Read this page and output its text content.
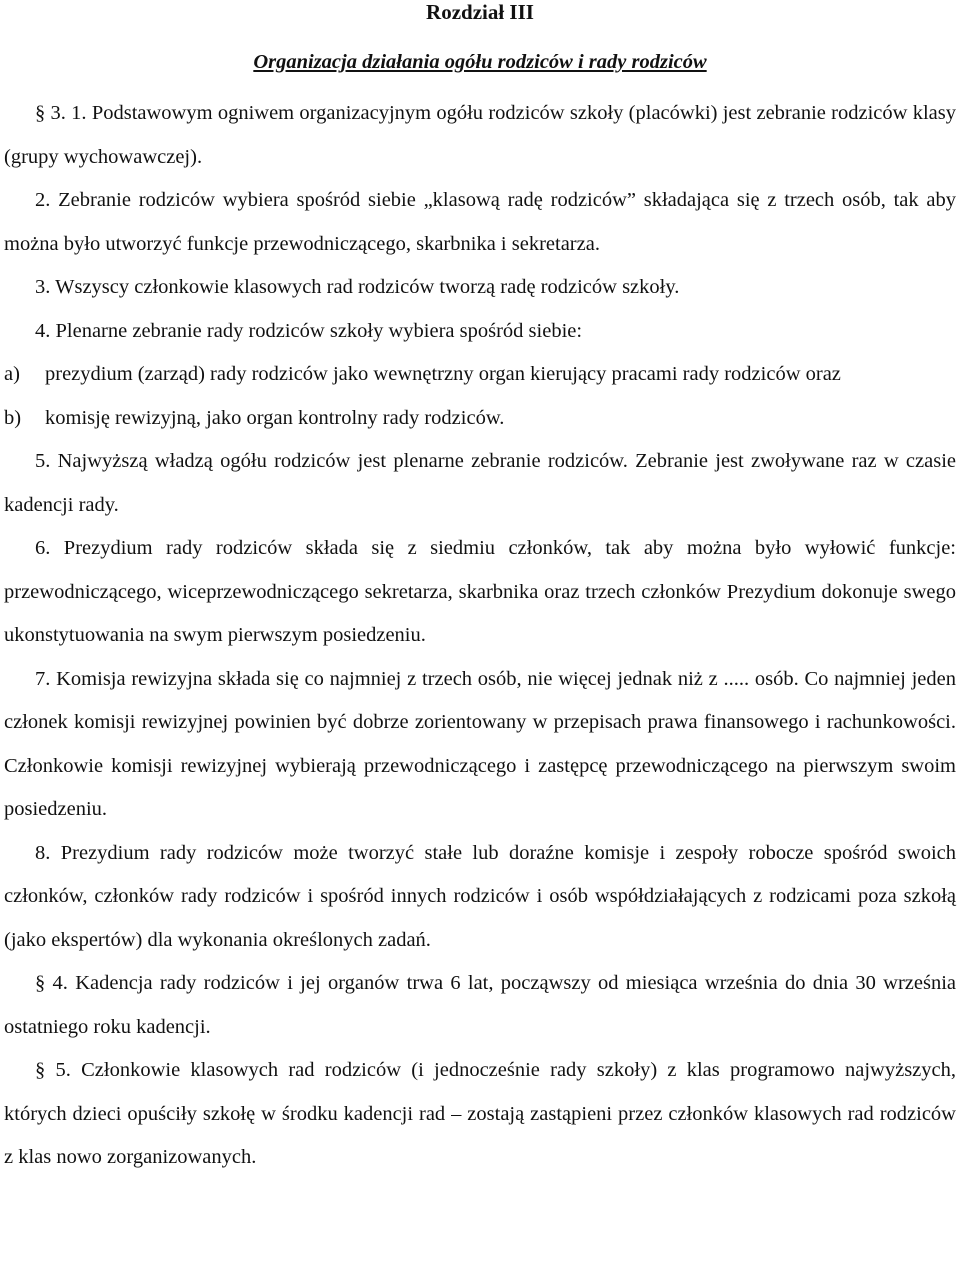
Rozdział III
Organizacja działania ogółu rodziców i rady rodziców

§ 3. 1. Podstawowym ogniwem organizacyjnym ogółu rodziców szkoły (placówki) jest zebranie rodziców klasy (grupy wychowawczej).

2. Zebranie rodziców wybiera spośród siebie „klasową radę rodziców” składająca się z trzech osób, tak aby można było utworzyć funkcje przewodniczącego, skarbnika i sekretarza.

3. Wszyscy członkowie klasowych rad rodziców tworzą radę rodziców szkoły.

4. Plenarne zebranie rady rodziców szkoły wybiera spośród siebie:

a) prezydium (zarząd) rady rodziców jako wewnętrzny organ kierujący pracami rady rodziców oraz

b) komisję rewizyjną, jako organ kontrolny rady rodziców.

5. Najwyższą władzą ogółu rodziców jest plenarne zebranie rodziców. Zebranie jest zwoływane raz w czasie kadencji rady.

6. Prezydium rady rodziców składa się z siedmiu członków, tak aby można było wyłowić funkcje: przewodniczącego, wiceprzewodniczącego sekretarza, skarbnika oraz trzech członków Prezydium dokonuje swego ukonstytuowania na swym pierwszym posiedzeniu.

7. Komisja rewizyjna składa się co najmniej z trzech osób, nie więcej jednak niż z ..... osób. Co najmniej jeden członek komisji rewizyjnej powinien być dobrze zorientowany w przepisach prawa finansowego i rachunkowości. Członkowie komisji rewizyjnej wybierają przewodniczącego i zastępcę przewodniczącego na pierwszym swoim posiedzeniu.

8. Prezydium rady rodziców może tworzyć stałe lub doraźne komisje i zespoły robocze spośród swoich członków, członków rady rodziców i spośród innych rodziców i osób współdziałających z rodzicami poza szkołą (jako ekspertów) dla wykonania określonych zadań.

§ 4. Kadencja rady rodziców i jej organów trwa 6 lat, począwszy od miesiąca września do dnia 30 września ostatniego roku kadencji.

§ 5. Członkowie klasowych rad rodziców (i jednocześnie rady szkoły) z klas programowo najwyższych, których dzieci opuściły szkołę w środku kadencji rad – zostają zastąpieni przez członków klasowych rad rodziców z klas nowo zorganizowanych.
